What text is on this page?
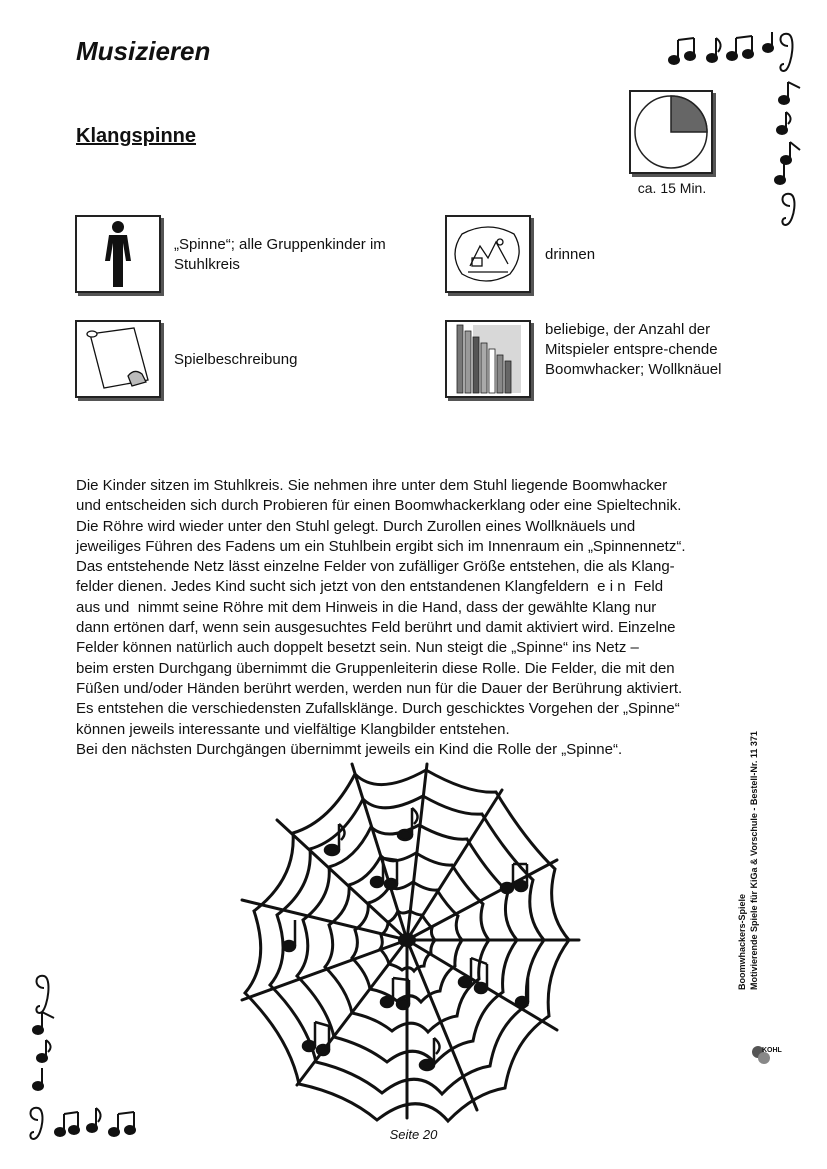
Musizieren
Klangspinne
ca. 15 Min.
„Spinne“; alle Gruppenkinder im Stuhlkreis
drinnen
Spielbeschreibung
beliebige, der Anzahl der Mitspieler entspre-chende Boomwhacker; Wollknäuel
Die Kinder sitzen im Stuhlkreis. Sie nehmen ihre unter dem Stuhl liegende Boomwhacker
und entscheiden sich durch Probieren für einen Boomwhackerklang oder eine Spieltechnik.
Die Röhre wird wieder unter den Stuhl gelegt. Durch Zurollen eines Wollknäuels und
jeweiliges Führen des Fadens um ein Stuhlbein ergibt sich im Innenraum ein „Spinnennetz“.
Das entstehende Netz lässt einzelne Felder von zufälliger Größe entstehen, die als Klang-
felder dienen. Jedes Kind sucht sich jetzt von den entstandenen Klangfeldern  e i n  Feld
aus und  nimmt seine Röhre mit dem Hinweis in die Hand, dass der gewählte Klang nur
dann ertönen darf, wenn sein ausgesuchtes Feld berührt und damit aktiviert wird. Einzelne
Felder können natürlich auch doppelt besetzt sein. Nun steigt die „Spinne“ ins Netz –
beim ersten Durchgang übernimmt die Gruppenleiterin diese Rolle. Die Felder, die mit den
Füßen und/oder Händen berührt werden, werden nun für die Dauer der Berührung aktiviert.
Es entstehen die verschiedensten Zufallsklänge. Durch geschicktes Vorgehen der „Spinne“
können jeweils interessante und vielfältige Klangbilder entstehen.
Bei den nächsten Durchgängen übernimmt jeweils ein Kind die Rolle der „Spinne“.
Boomwhackers-Spiele Motivierende Spiele für KiGa & Vorschule - Bestell-Nr. 11 371
KOHL
Seite 20
